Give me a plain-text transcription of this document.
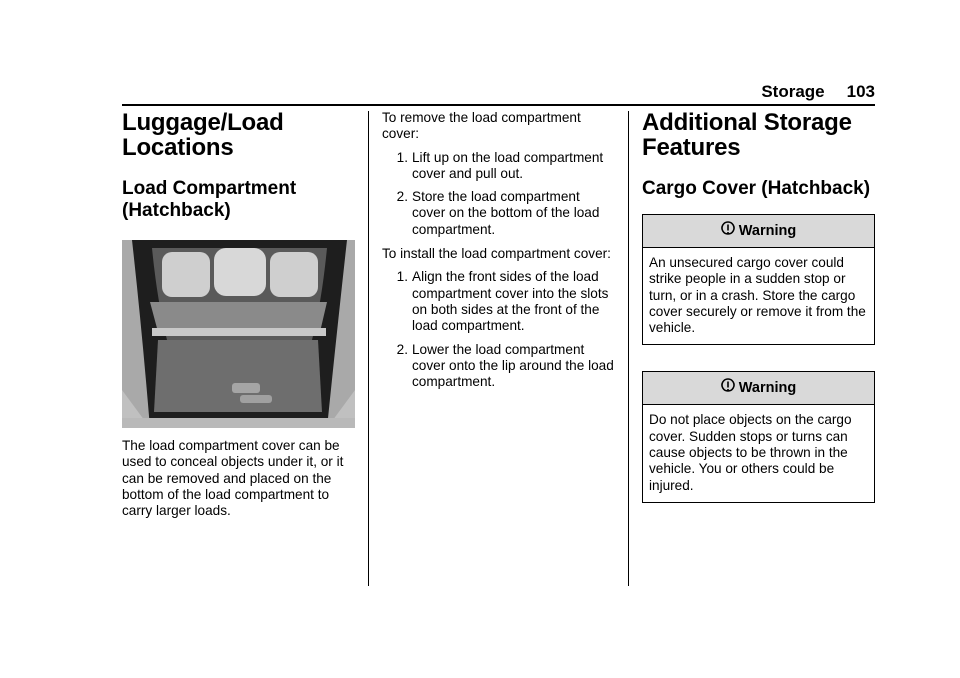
Storage 103
Luggage/Load Locations
Load Compartment (Hatchback)

The load compartment cover can be used to conceal objects under it, or it can be removed and placed on the bottom of the load compartment to carry larger loads.

To remove the load compartment cover:

1. Lift up on the load compartment cover and pull out.
2. Store the load compartment cover on the bottom of the load compartment.

To install the load compartment cover:

1. Align the front sides of the load compartment cover into the slots on both sides at the front of the load compartment.
2. Lower the load compartment cover onto the lip around the load compartment.
Additional Storage Features
Cargo Cover (Hatchback)
Warning
An unsecured cargo cover could strike people in a sudden stop or turn, or in a crash. Store the cargo cover securely or remove it from the vehicle.
Warning
Do not place objects on the cargo cover. Sudden stops or turns can cause objects to be thrown in the vehicle. You or others could be injured.
